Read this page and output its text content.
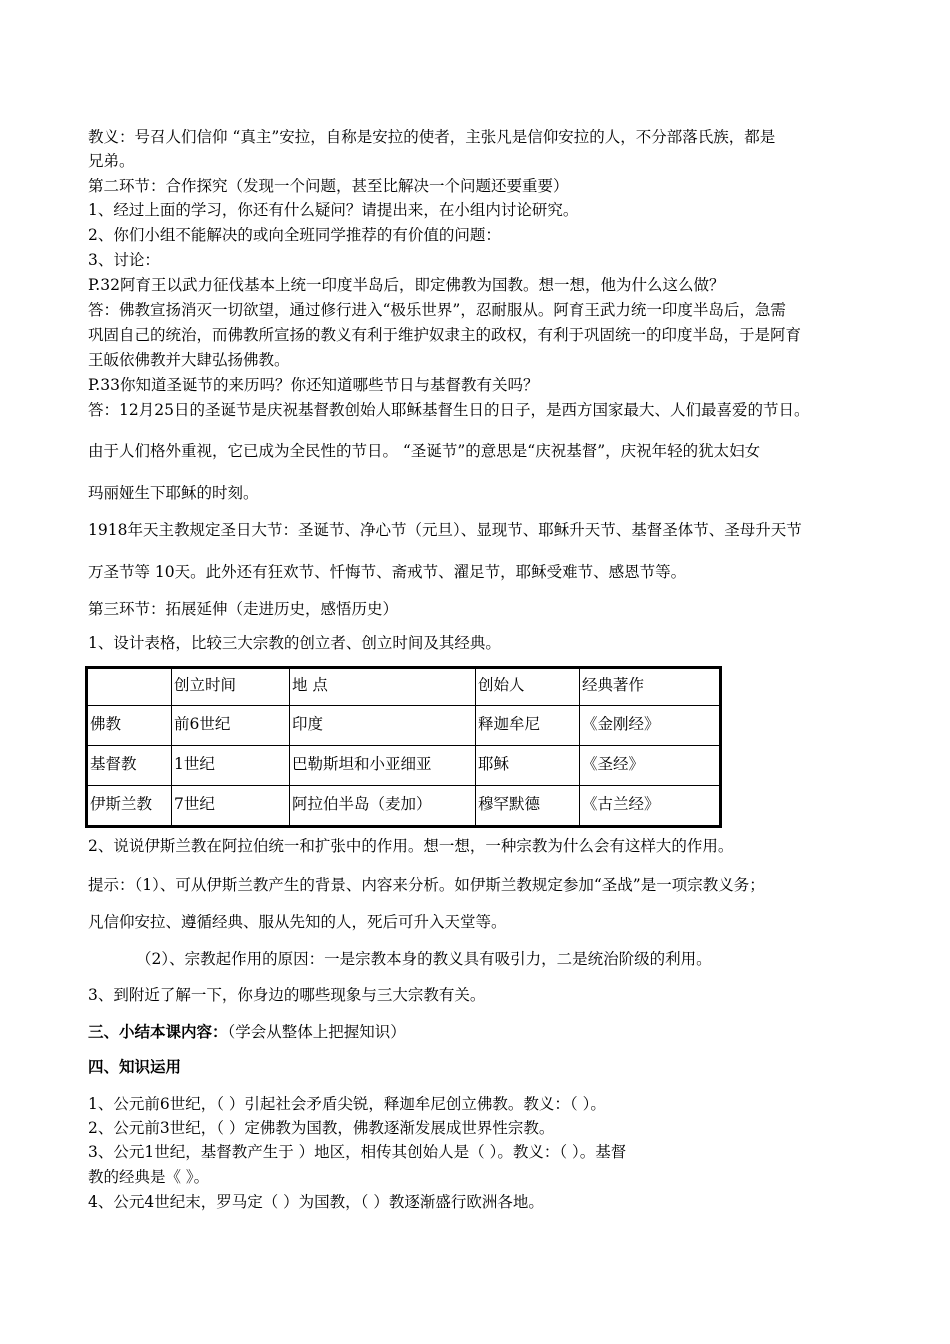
教义：号召人们信仰 “真主”安拉，自称是安拉的使者，主张凡是信仰安拉的人，不分部落氏族，都是
兄弟。
第二环节：合作探究（发现一个问题，甚至比解决一个问题还要重要）
1、经过上面的学习，你还有什么疑问？请提出来，在小组内讨论研究。
2、你们小组不能解决的或向全班同学推荐的有价值的问题：
3、讨论：
P.32阿育王以武力征伐基本上统一印度半岛后，即定佛教为国教。想一想，他为什么这么做？
答：佛教宣扬消灭一切欲望，通过修行进入“极乐世界”，忍耐服从。阿育王武力统一印度半岛后，急需
巩固自己的统治，而佛教所宣扬的教义有利于维护奴隶主的政权，有利于巩固统一的印度半岛，于是阿育
王皈依佛教并大肆弘扬佛教。
P.33你知道圣诞节的来历吗？你还知道哪些节日与基督教有关吗？
答：12月25日的圣诞节是庆祝基督教创始人耶稣基督生日的日子，是西方国家最大、人们最喜爱的节日。
由于人们格外重视，它已成为全民性的节日。 “圣诞节”的意思是“庆祝基督”，庆祝年轻的犹太妇女
玛丽娅生下耶稣的时刻。
1918年天主教规定圣日大节：圣诞节、净心节（元旦）、显现节、耶稣升天节、基督圣体节、圣母升天节
万圣节等 10天。此外还有狂欢节、忏悔节、斋戒节、濯足节，耶稣受难节、感恩节等。
第三环节：拓展延伸（走进历史，感悟历史）
1、设计表格，比较三大宗教的创立者、创立时间及其经典。
	创立时间	地 点	创始人	经典著作
佛教	前6世纪	印度	释迦牟尼	《金刚经》
基督教	1世纪	巴勒斯坦和小亚细亚	耶稣	《圣经》
伊斯兰教	7世纪	阿拉伯半岛（麦加）	穆罕默德	《古兰经》
2、说说伊斯兰教在阿拉伯统一和扩张中的作用。想一想，一种宗教为什么会有这样大的作用。
提示：（1）、可从伊斯兰教产生的背景、内容来分析。如伊斯兰教规定参加“圣战”是一项宗教义务；
凡信仰安拉、遵循经典、服从先知的人，死后可升入天堂等。
（2）、宗教起作用的原因：一是宗教本身的教义具有吸引力，二是统治阶级的利用。
3、到附近了解一下，你身边的哪些现象与三大宗教有关。
三、小结本课内容：（学会从整体上把握知识）
四、知识运用
1、公元前6世纪，（ ）引起社会矛盾尖锐，释迦牟尼创立佛教。教义：（ ）。
2、公元前3世纪，（ ）定佛教为国教，佛教逐渐发展成世界性宗教。
3、公元1世纪，基督教产生于 ）地区，相传其创始人是（ ）。教义：（ ）。基督
教的经典是《 》。
4、公元4世纪末，罗马定（ ）为国教，（ ）教逐渐盛行欧洲各地。
